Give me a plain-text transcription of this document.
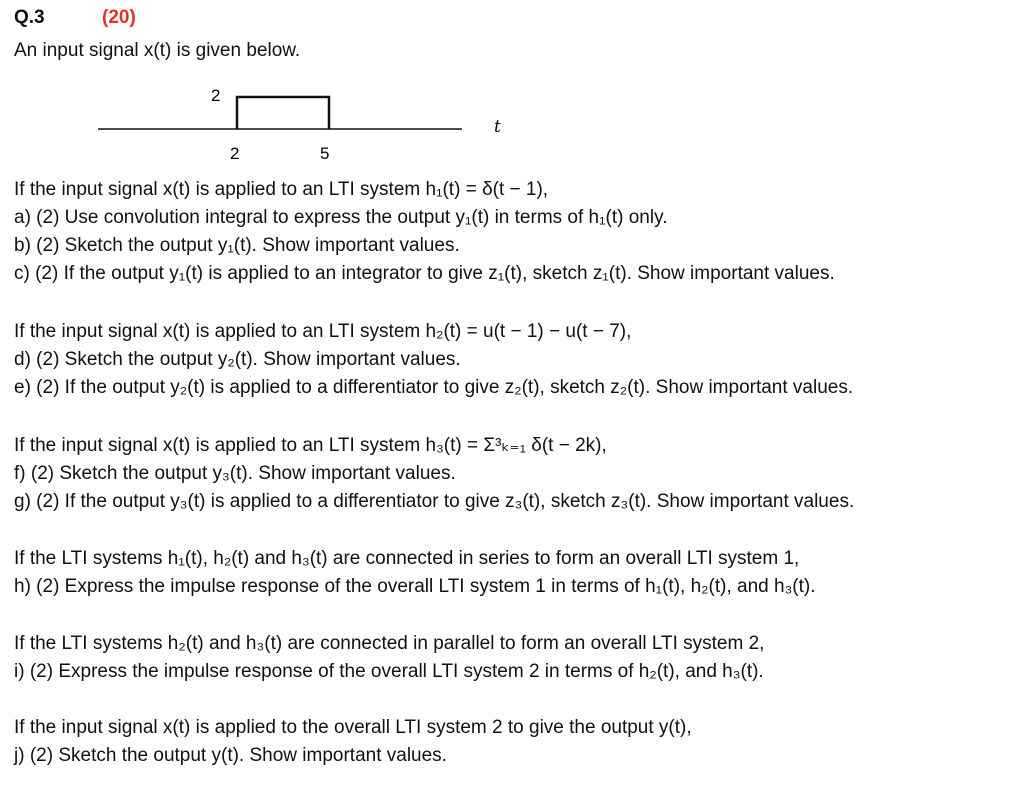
Q.3	(20)
An input signal x(t) is given below.
2
2	5
t
If the input signal x(t) is applied to an LTI system h₁(t) = δ(t − 1),
a) (2) Use convolution integral to express the output y₁(t) in terms of h₁(t) only.
b) (2) Sketch the output y₁(t). Show important values.
c) (2) If the output y₁(t) is applied to an integrator to give z₁(t), sketch z₁(t). Show important values.
If the input signal x(t) is applied to an LTI system h₂(t) = u(t − 1) − u(t − 7),
d) (2) Sketch the output y₂(t). Show important values.
e) (2) If the output y₂(t) is applied to a differentiator to give z₂(t), sketch z₂(t). Show important values.
If the input signal x(t) is applied to an LTI system h₃(t) = Σ³ₖ₌₁ δ(t − 2k),
f) (2) Sketch the output y₃(t). Show important values.
g) (2) If the output y₃(t) is applied to a differentiator to give z₃(t), sketch z₃(t). Show important values.
If the LTI systems h₁(t), h₂(t) and h₃(t) are connected in series to form an overall LTI system 1,
h) (2) Express the impulse response of the overall LTI system 1 in terms of h₁(t), h₂(t), and h₃(t).
If the LTI systems h₂(t) and h₃(t) are connected in parallel to form an overall LTI system 2,
i) (2) Express the impulse response of the overall LTI system 2 in terms of h₂(t), and h₃(t).
If the input signal x(t) is applied to the overall LTI system 2 to give the output y(t),
j) (2) Sketch the output y(t). Show important values.
